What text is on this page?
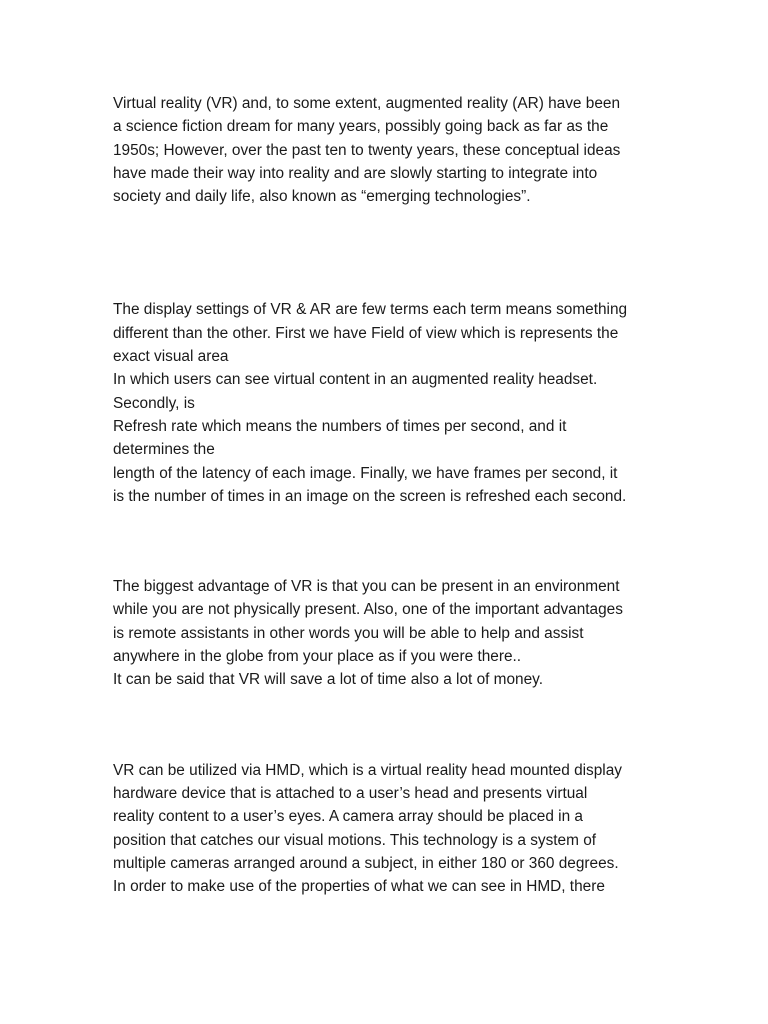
Virtual reality (VR) and, to some extent, augmented reality (AR) have been
a science fiction dream for many years, possibly going back as far as the
1950s; However, over the past ten to twenty years, these conceptual ideas
have made their way into reality and are slowly starting to integrate into
society and daily life, also known as “emerging technologies”.
The display settings of VR & AR are few terms each term means something
different than the other. First we have Field of view which is represents the
exact visual area
In which users can see virtual content in an augmented reality headset.
Secondly, is
Refresh rate which means the numbers of times per second, and it
determines the
length of the latency of each image. Finally, we have frames per second, it
is the number of times in an image on the screen is refreshed each second.
The biggest advantage of VR is that you can be present in an environment
while you are not physically present. Also, one of the important advantages
is remote assistants in other words you will be able to help and assist
anywhere in the globe from your place as if you were there..
It can be said that VR will save a lot of time also a lot of money.
VR can be utilized via HMD, which is a virtual reality head mounted display
hardware device that is attached to a user’s head and presents virtual
reality content to a user’s eyes. A camera array should be placed in a
position that catches our visual motions. This technology is a system of
multiple cameras arranged around a subject, in either 180 or 360 degrees.
In order to make use of the properties of what we can see in HMD, there
